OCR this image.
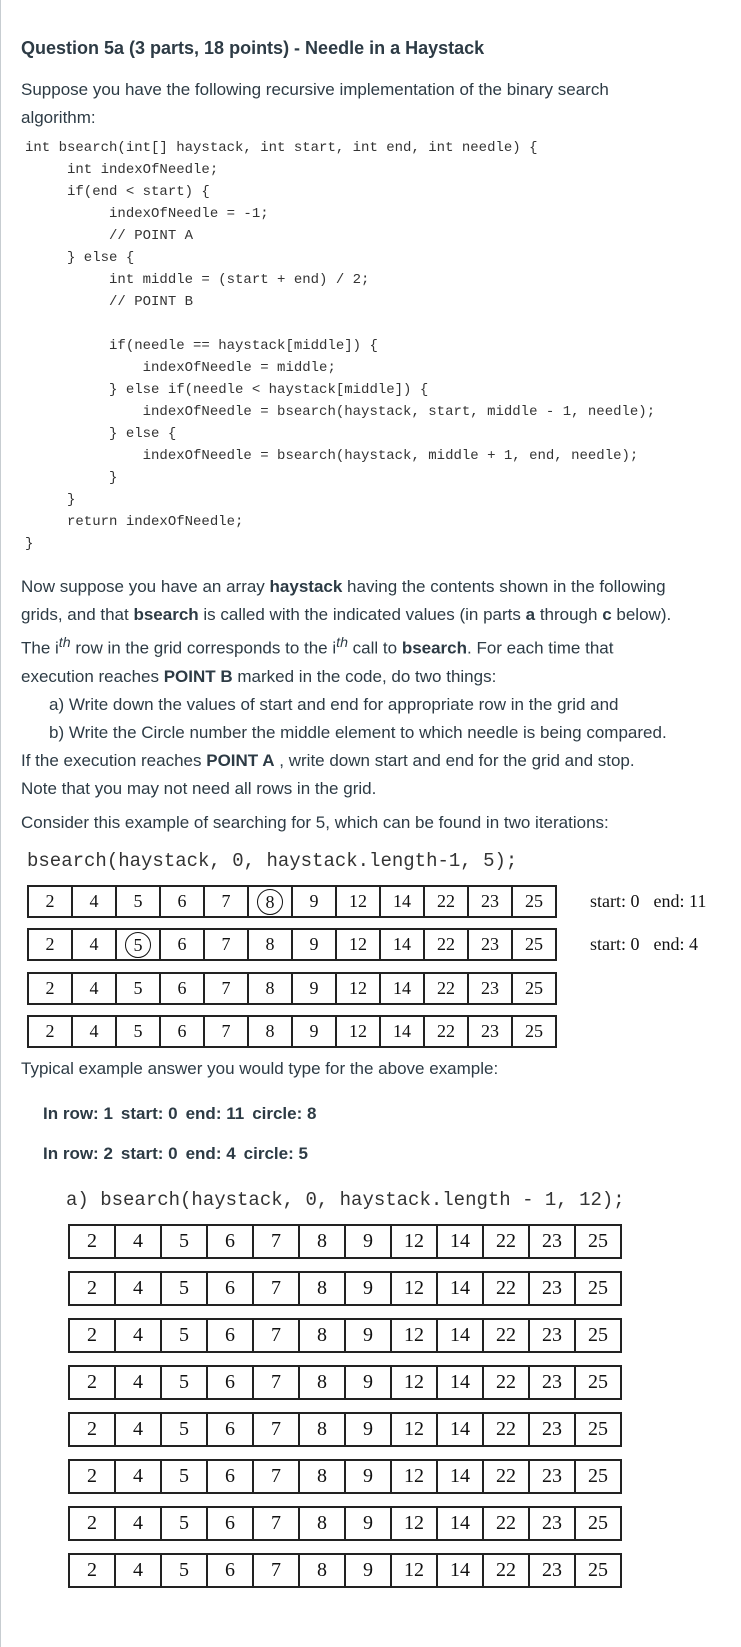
Question 5a (3 parts, 18 points) - Needle in a Haystack
Suppose you have the following recursive implementation of the binary search
algorithm:
int bsearch(int[] haystack, int start, int end, int needle) {
int indexOfNeedle;
if(end < start) {
indexOfNeedle = -1;
// POINT A
} else {
int middle = (start + end) / 2;
// POINT B

if(needle == haystack[middle]) {
indexOfNeedle = middle;
} else if(needle < haystack[middle]) {
indexOfNeedle = bsearch(haystack, start, middle - 1, needle);
} else {
indexOfNeedle = bsearch(haystack, middle + 1, end, needle);
}
}
return indexOfNeedle;
}
Now suppose you have an array haystack having the contents shown in the following
grids, and that bsearch is called with the indicated values (in parts a through c below).
The $i^{th}$ row in the grid corresponds to the $i^{th}$ call to bsearch. For each time that
execution reaches POINT B marked in the code, do two things:
a) Write down the values of start and end for appropriate row in the grid and
b) Write the Circle number the middle element to which needle is being compared.
If the execution reaches POINT A , write down start and end for the grid and stop.
Note that you may not need all rows in the grid.
Consider this example of searching for 5, which can be found in two iterations:
bsearch(haystack, 0, haystack.length-1, 5);
2	4	5	6	7	8	9	12	14	22	23	25	start: 0 end: 11
2	4	5	6	7	8	9	12	14	22	23	25	start: 0 end: 4
2	4	5	6	7	8	9	12	14	22	23	25
2	4	5	6	7	8	9	12	14	22	23	25
Typical example answer you would type for the above example:
In row: 1 start: 0 end: 11 circle: 8
In row: 2 start: 0 end: 4 circle: 5
a) bsearch(haystack, 0, haystack.length - 1, 12);
2	4	5	6	7	8	9	12	14	22	23	25
2	4	5	6	7	8	9	12	14	22	23	25
2	4	5	6	7	8	9	12	14	22	23	25
2	4	5	6	7	8	9	12	14	22	23	25
2	4	5	6	7	8	9	12	14	22	23	25
2	4	5	6	7	8	9	12	14	22	23	25
2	4	5	6	7	8	9	12	14	22	23	25
2	4	5	6	7	8	9	12	14	22	23	25
